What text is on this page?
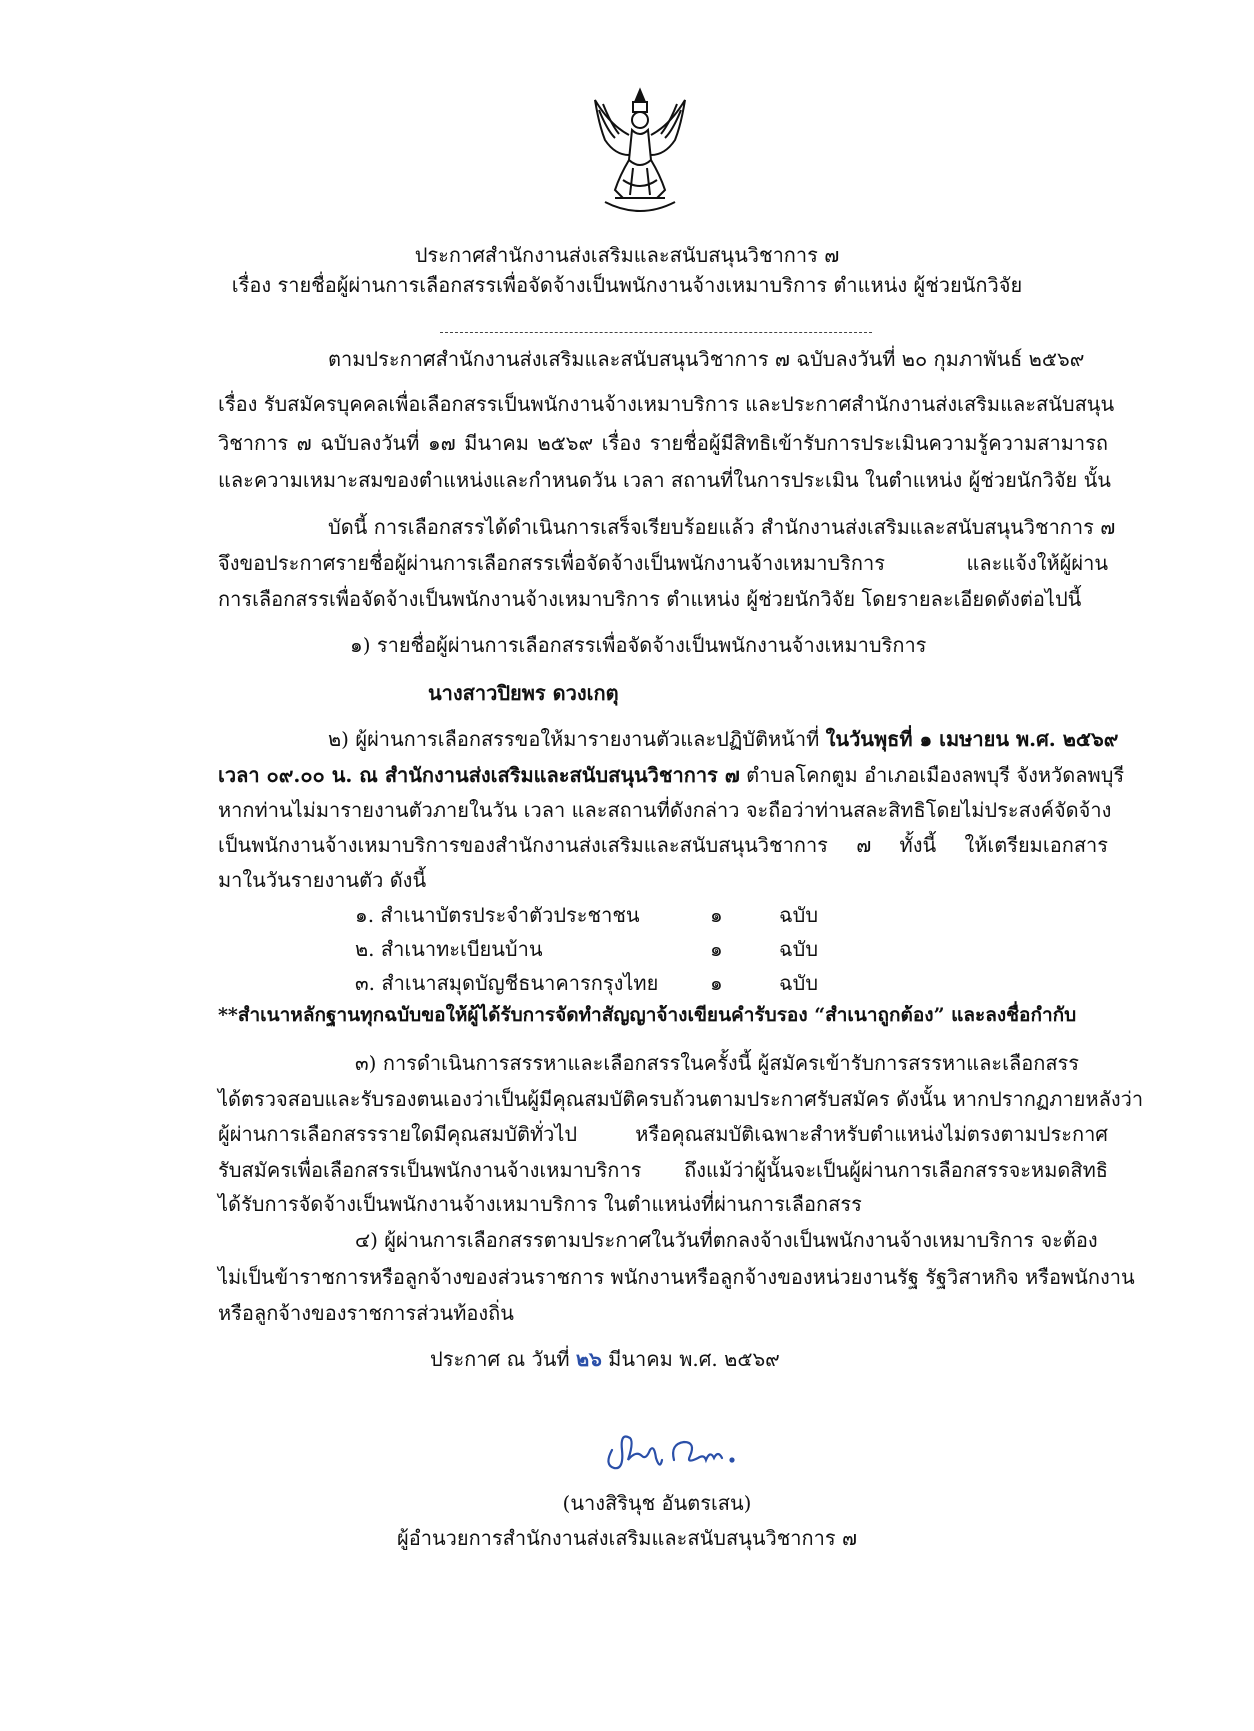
ประกาศสำนักงานส่งเสริมและสนับสนุนวิชาการ ๗
เรื่อง รายชื่อผู้ผ่านการเลือกสรรเพื่อจัดจ้างเป็นพนักงานจ้างเหมาบริการ ตำแหน่ง ผู้ช่วยนักวิจัย
ตามประกาศสำนักงานส่งเสริมและสนับสนุนวิชาการ ๗ ฉบับลงวันที่ ๒๐ กุมภาพันธ์ ๒๕๖๙
เรื่อง รับสมัครบุคคลเพื่อเลือกสรรเป็นพนักงานจ้างเหมาบริการ และประกาศสำนักงานส่งเสริมและสนับสนุน
วิชาการ ๗ ฉบับลงวันที่ ๑๗ มีนาคม ๒๕๖๙ เรื่อง รายชื่อผู้มีสิทธิเข้ารับการประเมินความรู้ความสามารถ
และความเหมาะสมของตำแหน่งและกำหนดวัน เวลา สถานที่ในการประเมิน ในตำแหน่ง ผู้ช่วยนักวิจัย นั้น
บัดนี้ การเลือกสรรได้ดำเนินการเสร็จเรียบร้อยแล้ว สำนักงานส่งเสริมและสนับสนุนวิชาการ ๗
จึงขอประกาศรายชื่อผู้ผ่านการเลือกสรรเพื่อจัดจ้างเป็นพนักงานจ้างเหมาบริการ และแจ้งให้ผู้ผ่าน
การเลือกสรรเพื่อจัดจ้างเป็นพนักงานจ้างเหมาบริการ ตำแหน่ง ผู้ช่วยนักวิจัย โดยรายละเอียดดังต่อไปนี้
๑) รายชื่อผู้ผ่านการเลือกสรรเพื่อจัดจ้างเป็นพนักงานจ้างเหมาบริการ
นางสาวปิยพร ดวงเกตุ
๒) ผู้ผ่านการเลือกสรรขอให้มารายงานตัวและปฏิบัติหน้าที่ ในวันพุธที่ ๑ เมษายน พ.ศ. ๒๕๖๙
เวลา ๐๙.๐๐ น. ณ สำนักงานส่งเสริมและสนับสนุนวิชาการ ๗ ตำบลโคกตูม อำเภอเมืองลพบุรี จังหวัดลพบุรี
หากท่านไม่มารายงานตัวภายในวัน เวลา และสถานที่ดังกล่าว จะถือว่าท่านสละสิทธิโดยไม่ประสงค์จัดจ้าง
เป็นพนักงานจ้างเหมาบริการของสำนักงานส่งเสริมและสนับสนุนวิชาการ ๗ ทั้งนี้ ให้เตรียมเอกสาร
มาในวันรายงานตัว ดังนี้
๑. สำเนาบัตรประจำตัวประชาชน	๑	ฉบับ
๒. สำเนาทะเบียนบ้าน	๑	ฉบับ
๓. สำเนาสมุดบัญชีธนาคารกรุงไทย	๑	ฉบับ
**สำเนาหลักฐานทุกฉบับขอให้ผู้ได้รับการจัดทำสัญญาจ้างเขียนคำรับรอง “สำเนาถูกต้อง” และลงชื่อกำกับ
๓) การดำเนินการสรรหาและเลือกสรรในครั้งนี้ ผู้สมัครเข้ารับการสรรหาและเลือกสรร
ได้ตรวจสอบและรับรองตนเองว่าเป็นผู้มีคุณสมบัติครบถ้วนตามประกาศรับสมัคร ดังนั้น หากปรากฏภายหลังว่า
ผู้ผ่านการเลือกสรรรายใดมีคุณสมบัติทั่วไป หรือคุณสมบัติเฉพาะสำหรับตำแหน่งไม่ตรงตามประกาศ
รับสมัครเพื่อเลือกสรรเป็นพนักงานจ้างเหมาบริการ ถึงแม้ว่าผู้นั้นจะเป็นผู้ผ่านการเลือกสรรจะหมดสิทธิ
ได้รับการจัดจ้างเป็นพนักงานจ้างเหมาบริการ ในตำแหน่งที่ผ่านการเลือกสรร
๔) ผู้ผ่านการเลือกสรรตามประกาศในวันที่ตกลงจ้างเป็นพนักงานจ้างเหมาบริการ จะต้อง
ไม่เป็นข้าราชการหรือลูกจ้างของส่วนราชการ พนักงานหรือลูกจ้างของหน่วยงานรัฐ รัฐวิสาหกิจ หรือพนักงาน
หรือลูกจ้างของราชการส่วนท้องถิ่น
ประกาศ ณ วันที่ ๒๖ มีนาคม พ.ศ. ๒๕๖๙
(นางสิรินุช อันตรเสน)
ผู้อำนวยการสำนักงานส่งเสริมและสนับสนุนวิชาการ ๗
